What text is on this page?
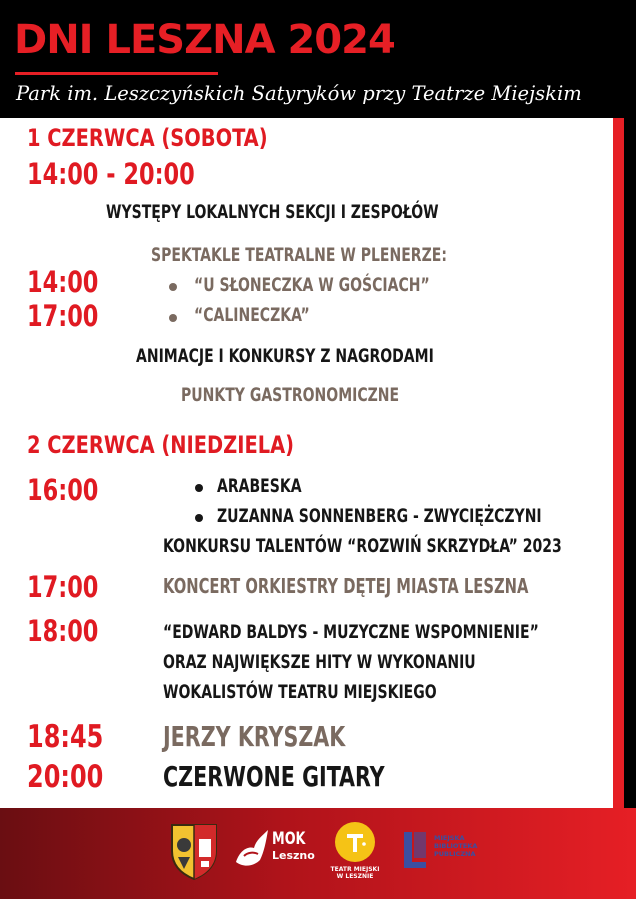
DNI LESZNA 2024
Park im. Leszczyńskich Satyryków przy Teatrze Miejskim
1 CZERWCA (SOBOTA)
14:00 - 20:00
WYSTĘPY LOKALNYCH SEKCJI I ZESPOŁÓW
SPEKTAKLE TEATRALNE W PLENERZE:
14:00	“U SŁONECZKA W GOŚCIACH”
17:00	“CALINECZKA”
ANIMACJE I KONKURSY Z NAGRODAMI
PUNKTY GASTRONOMICZNE
2 CZERWCA (NIEDZIELA)
16:00	ARABESKA
ZUZANNA SONNENBERG - ZWYCIĘŻCZYNI
KONKURSU TALENTÓW “ROZWIŃ SKRZYDŁA” 2023
17:00	KONCERT ORKIESTRY DĘTEJ MIASTA LESZNA
18:00	“EDWARD BALDYS - MUZYCZNE WSPOMNIENIE”
ORAZ NAJWIĘKSZE HITY W WYKONANIU
WOKALISTÓW TEATRU MIEJSKIEGO
18:45 JERZY KRYSZAK
20:00 CZERWONE GITARY
MOK
Leszno
TEATR MIEJSKI
W LESZNIE
MIEJSKA BIBLIOTEKA PUBLICZNA
